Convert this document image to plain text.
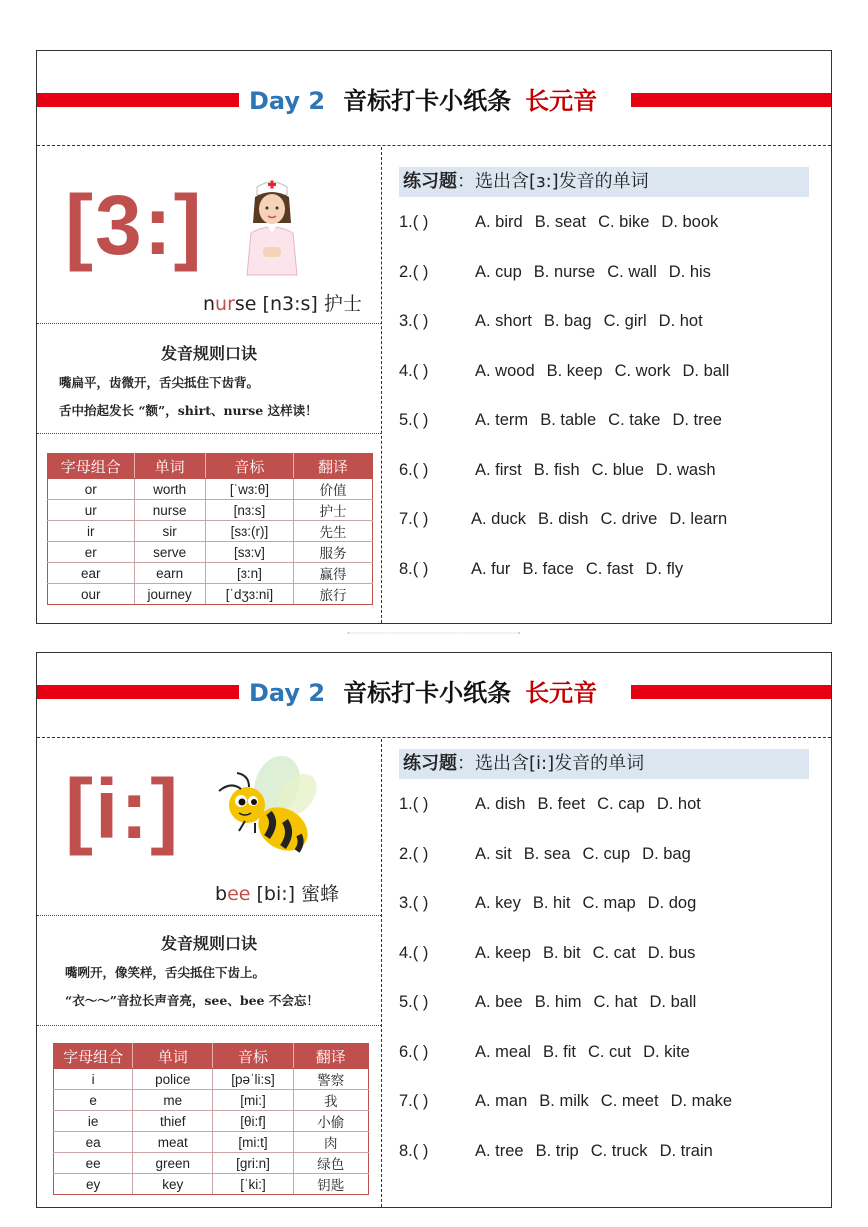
Day 2 音标打卡小纸条 长元音
[3:]
nurse [n3:s] 护士
发音规则口诀
嘴扁平，齿微开，舌尖抵住下齿背。
舌中抬起发长 “额”，shirt、nurse 这样读！
字母组合	单词	音标	翻译
or	worth	[ˈwɜ:θ]	价值
ur	nurse	[nɜ:s]	护士
ir	sir	[sɜ:(r)]	先生
er	serve	[sɜ:v]	服务
ear	earn	[ɜ:n]	赢得
our	journey	[ˈdʒɜ:ni]	旅行
练习题：选出含[ɜ:]发音的单词
1.( )	A. bird B. seat C. bike D. book
2.( )	A. cup B. nurse C. wall D. his
3.( )	A. short B. bag C. girl D. hot
4.( )	A. wood B. keep C. work D. ball
5.( )	A. term B. table C. take D. tree
6.( )	A. first B. fish C. blue D. wash
7.( )	A. duck B. dish C. drive D. learn
8.( )	A. fur B. face C. fast D. fly
Day 2 音标打卡小纸条 长元音
[i:]
bee [bi:] 蜜蜂
发音规则口诀
嘴咧开，像笑样，舌尖抵住下齿上。
“衣～～”音拉长声音亮，see、bee 不会忘！
字母组合	单词	音标	翻译
i	police	[pəˈli:s]	警察
e	me	[mi:]	我
ie	thief	[θi:f]	小偷
ea	meat	[mi:t]	肉
ee	green	[gri:n]	绿色
ey	key	[ˈki:]	钥匙
练习题：选出含[i:]发音的单词
1.( )	A. dish B. feet C. cap D. hot
2.( )	A. sit B. sea C. cup D. bag
3.( )	A. key B. hit C. map D. dog
4.( )	A. keep B. bit C. cat D. bus
5.( )	A. bee B. him C. hat D. ball
6.( )	A. meal B. fit C. cut D. kite
7.( )	A. man B. milk C. meet D. make
8.( )	A. tree B. trip C. truck D. train
